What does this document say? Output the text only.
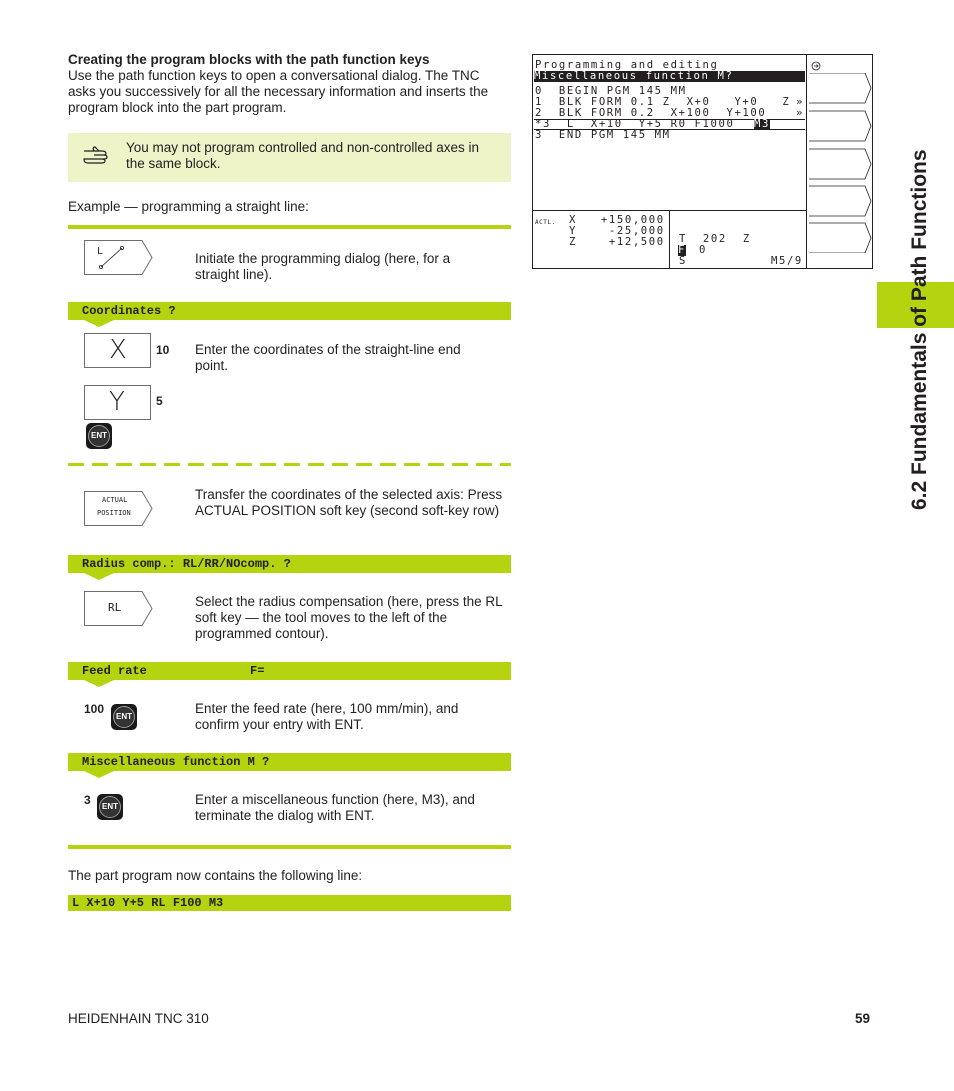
Creating the program blocks with the path function keys
Use the path function keys to open a conversational dialog. The TNC asks you successively for all the necessary information and inserts the program block into the part program.
You may not program controlled and non-controlled axes in the same block.
Example — programming a straight line:
L	Initiate the programming dialog (here, for a straight line).
Coordinates ?
X 10 Enter the coordinates of the straight-line end point.
Y	5
ENT
ACTUAL
POSITION
Transfer the coordinates of the selected axis: Press ACTUAL POSITION soft key (second soft-key row)
Radius comp.: RL/RR/NOcomp. ?
RL	Select the radius compensation (here, press the RL soft key — the tool moves to the left of the programmed contour).
Feed rate	F=
100
ENT
Enter the feed rate (here, 100 mm/min), and confirm your entry with ENT.
Miscellaneous function M ?
3	ENT	Enter a miscellaneous function (here, M3), and terminate the dialog with ENT.
The part program now contains the following line:
L X+10 Y+5 RL F100 M3
Programming and editing
Miscellaneous function M?
0  BEGIN PGM 145 MM
1  BLK FORM 0.1 Z  X+0   Y+0   Z »
2  BLK FORM 0.2  X+100  Y+100	»
*3  L  X+10  Y+5 R0 F1000 M3
3  END PGM 145 MM
ACTL. X   +150,000
Y    -25,000
Z    +12,500 T  202  Z
F 0
S	M5/9	6.2 Fundamentals of Path Functions
HEIDENHAIN TNC 310	59
